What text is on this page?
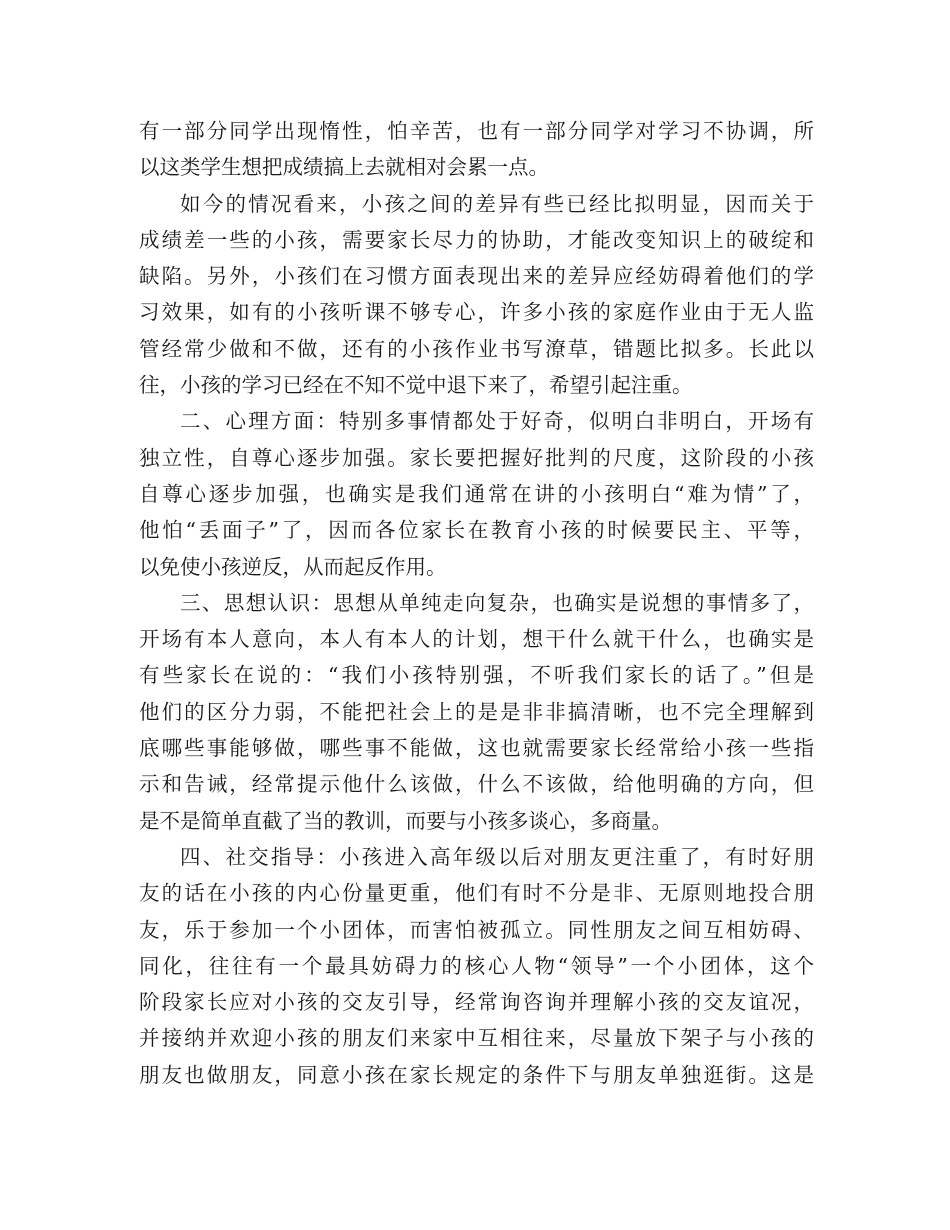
有一部分同学出现惰性，怕辛苦，也有一部分同学对学习不协调，所
以这类学生想把成绩搞上去就相对会累一点。
如今的情况看来，小孩之间的差异有些已经比拟明显，因而关于
成绩差一些的小孩，需要家长尽力的协助，才能改变知识上的破绽和
缺陷。另外，小孩们在习惯方面表现出来的差异应经妨碍着他们的学
习效果，如有的小孩听课不够专心，许多小孩的家庭作业由于无人监
管经常少做和不做，还有的小孩作业书写潦草，错题比拟多。长此以
往，小孩的学习已经在不知不觉中退下来了，希望引起注重。
二、心理方面：特别多事情都处于好奇，似明白非明白，开场有
独立性，自尊心逐步加强。家长要把握好批判的尺度，这阶段的小孩
自尊心逐步加强，也确实是我们通常在讲的小孩明白“难为情”了，
他怕“丢面子”了，因而各位家长在教育小孩的时候要民主、平等，
以免使小孩逆反，从而起反作用。
三、思想认识：思想从单纯走向复杂，也确实是说想的事情多了，
开场有本人意向，本人有本人的计划，想干什么就干什么，也确实是
有些家长在说的：“我们小孩特别强，不听我们家长的话了。”但是
他们的区分力弱，不能把社会上的是是非非搞清晰，也不完全理解到
底哪些事能够做，哪些事不能做，这也就需要家长经常给小孩一些指
示和告诫，经常提示他什么该做，什么不该做，给他明确的方向，但
是不是简单直截了当的教训，而要与小孩多谈心，多商量。
四、社交指导：小孩进入高年级以后对朋友更注重了，有时好朋
友的话在小孩的内心份量更重，他们有时不分是非、无原则地投合朋
友，乐于参加一个小团体，而害怕被孤立。同性朋友之间互相妨碍、
同化，往往有一个最具妨碍力的核心人物“领导”一个小团体，这个
阶段家长应对小孩的交友引导，经常询咨询并理解小孩的交友谊况，
并接纳并欢迎小孩的朋友们来家中互相往来，尽量放下架子与小孩的
朋友也做朋友，同意小孩在家长规定的条件下与朋友单独逛街。这是
